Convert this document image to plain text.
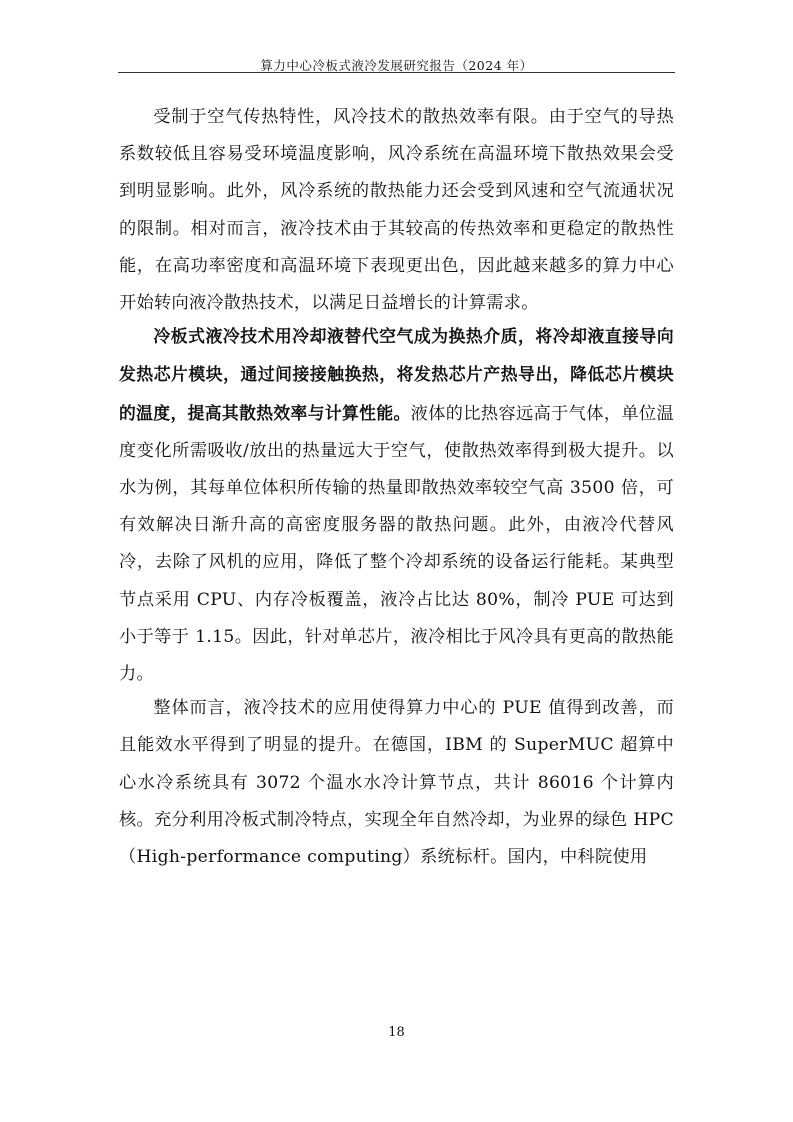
算力中心冷板式液冷发展研究报告（2024 年）

受制于空气传热特性，风冷技术的散热效率有限。由于空气的导热系数较低且容易受环境温度影响，风冷系统在高温环境下散热效果会受到明显影响。此外，风冷系统的散热能力还会受到风速和空气流通状况的限制。相对而言，液冷技术由于其较高的传热效率和更稳定的散热性能，在高功率密度和高温环境下表现更出色，因此越来越多的算力中心开始转向液冷散热技术，以满足日益增长的计算需求。

冷板式液冷技术用冷却液替代空气成为换热介质，将冷却液直接导向发热芯片模块，通过间接接触换热，将发热芯片产热导出，降低芯片模块的温度，提高其散热效率与计算性能。液体的比热容远高于气体，单位温度变化所需吸收/放出的热量远大于空气，使散热效率得到极大提升。以水为例，其每单位体积所传输的热量即散热效率较空气高 3500 倍，可有效解决日渐升高的高密度服务器的散热问题。此外，由液冷代替风冷，去除了风机的应用，降低了整个冷却系统的设备运行能耗。某典型节点采用 CPU、内存冷板覆盖，液冷占比达 80%，制冷 PUE 可达到小于等于 1.15。因此，针对单芯片，液冷相比于风冷具有更高的散热能力。

整体而言，液冷技术的应用使得算力中心的 PUE 值得到改善，而且能效水平得到了明显的提升。在德国，IBM 的 SuperMUC 超算中心水冷系统具有 3072 个温水水冷计算节点，共计 86016 个计算内核。充分利用冷板式制冷特点，实现全年自然冷却，为业界的绿色 HPC（High-performance computing）系统标杆。国内，中科院使用

18
